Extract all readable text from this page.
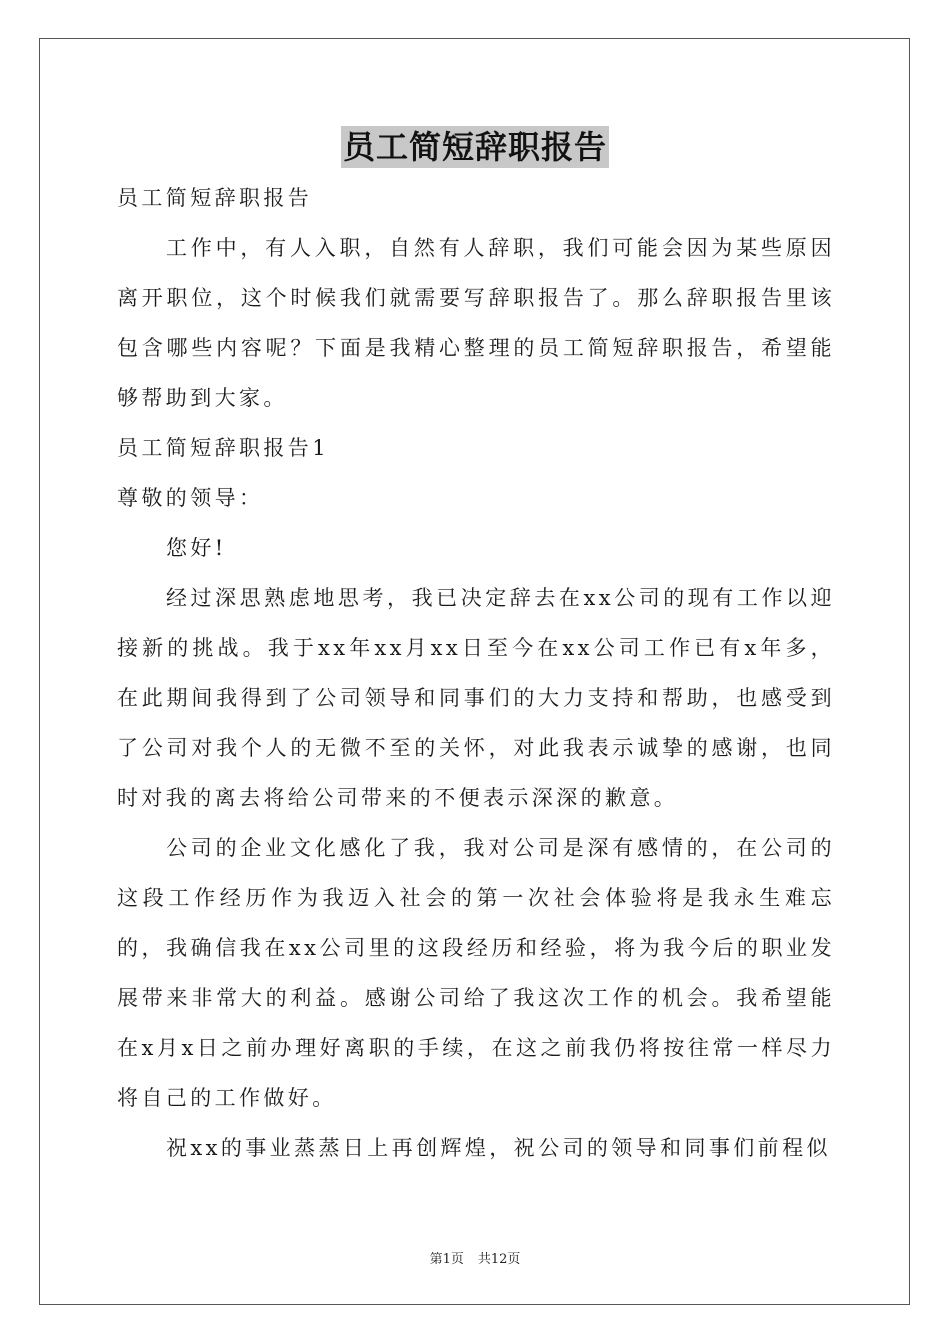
员工简短辞职报告

员工简短辞职报告

工作中，有人入职，自然有人辞职，我们可能会因为某些原因离开职位，这个时候我们就需要写辞职报告了。那么辞职报告里该包含哪些内容呢？下面是我精心整理的员工简短辞职报告，希望能够帮助到大家。

员工简短辞职报告1

尊敬的领导：

您好!

经过深思熟虑地思考，我已决定辞去在xx公司的现有工作以迎接新的挑战。我于xx年xx月xx日至今在xx公司工作已有x年多，在此期间我得到了公司领导和同事们的大力支持和帮助，也感受到了公司对我个人的无微不至的关怀，对此我表示诚挚的感谢，也同时对我的离去将给公司带来的不便表示深深的歉意。

公司的企业文化感化了我，我对公司是深有感情的，在公司的这段工作经历作为我迈入社会的第一次社会体验将是我永生难忘的，我确信我在xx公司里的这段经历和经验，将为我今后的职业发展带来非常大的利益。感谢公司给了我这次工作的机会。我希望能在x月x日之前办理好离职的手续，在这之前我仍将按往常一样尽力将自己的工作做好。

祝xx的事业蒸蒸日上再创辉煌，祝公司的领导和同事们前程似

第1页 共12页
